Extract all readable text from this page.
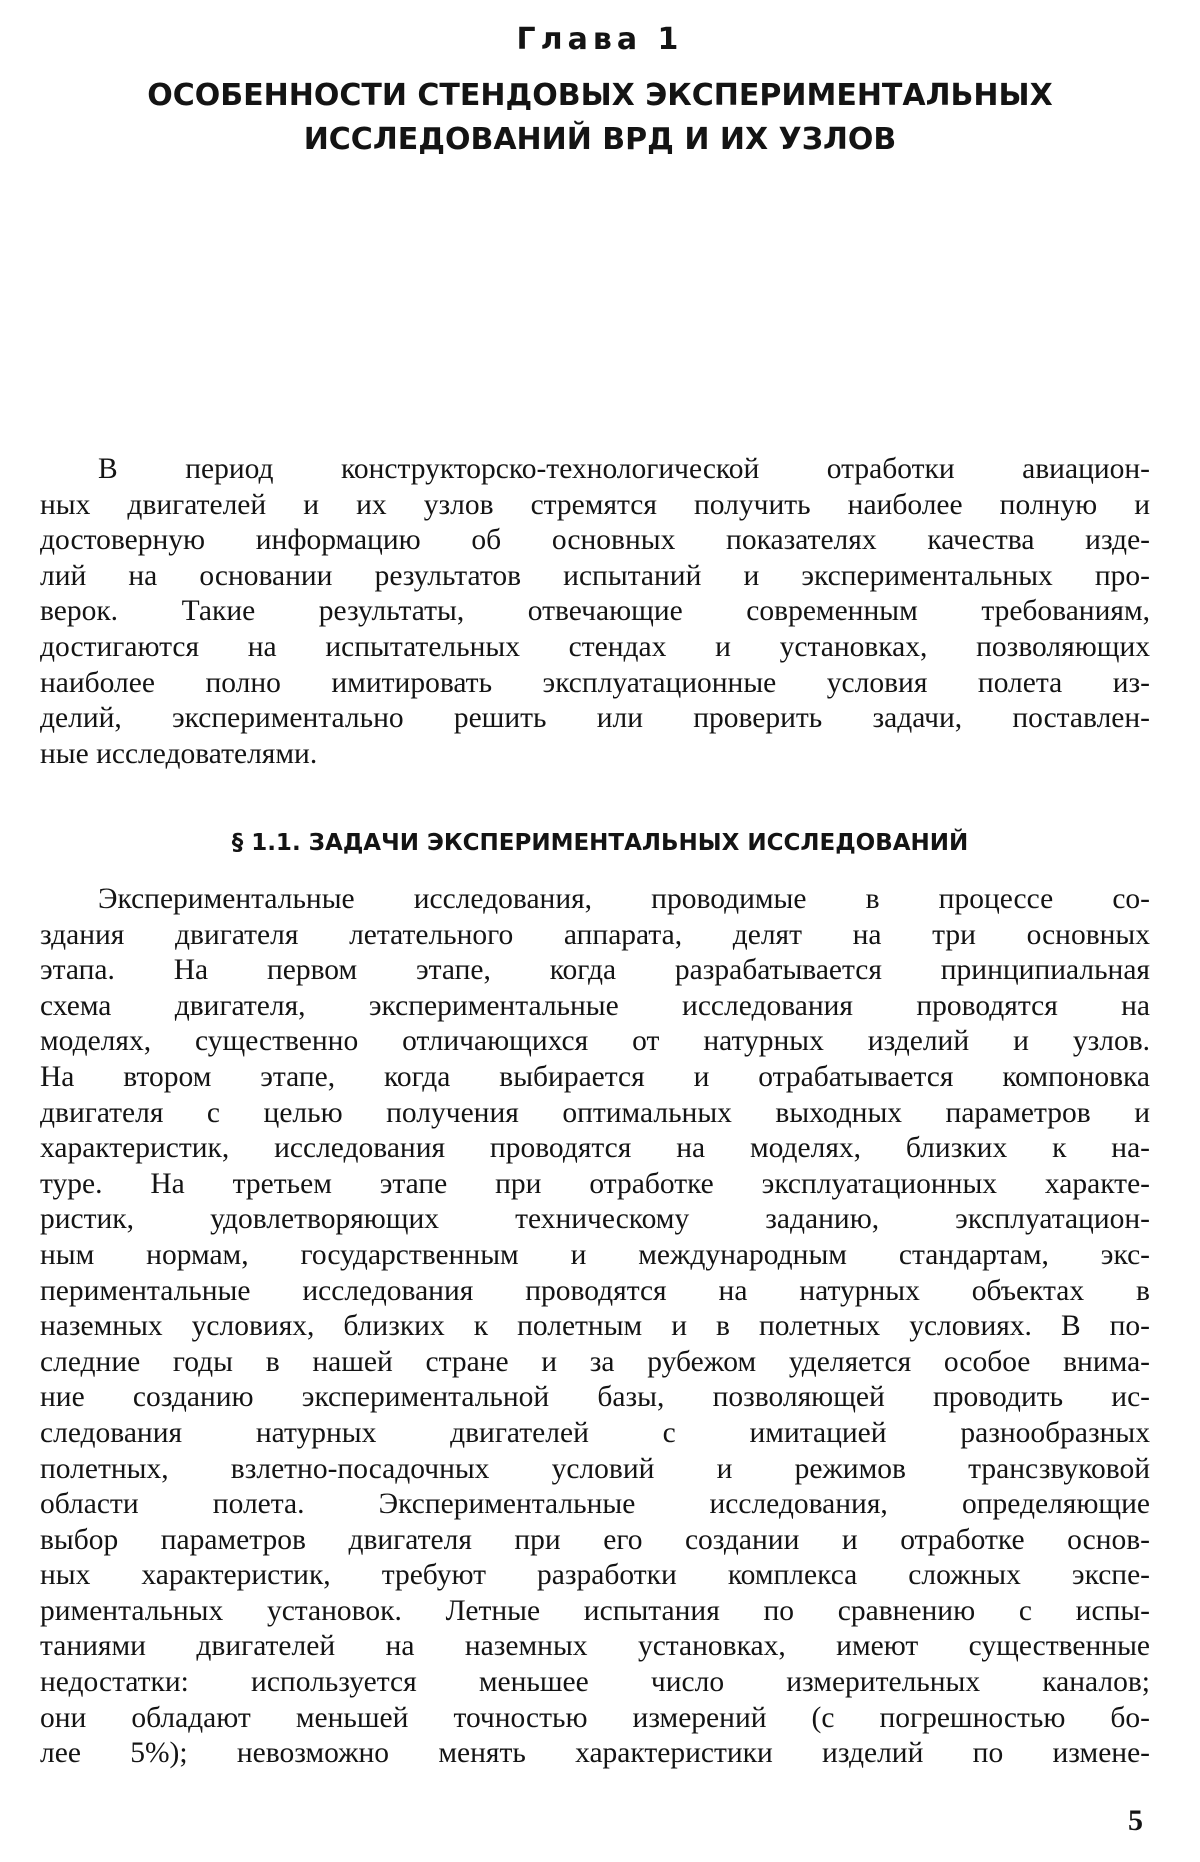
Глава 1
ОСОБЕННОСТИ СТЕНДОВЫХ ЭКСПЕРИМЕНТАЛЬНЫХ
ИССЛЕДОВАНИЙ ВРД И ИХ УЗЛОВ
В период конструкторско-технологической отработки авиацион-
ных двигателей и их узлов стремятся получить наиболее полную и
достоверную информацию об основных показателях качества изде-
лий на основании результатов испытаний и экспериментальных про-
верок. Такие результаты, отвечающие современным требованиям,
достигаются на испытательных стендах и установках, позволяющих
наиболее полно имитировать эксплуатационные условия полета из-
делий, экспериментально решить или проверить задачи, поставлен-
ные исследователями.
§ 1.1. ЗАДАЧИ ЭКСПЕРИМЕНТАЛЬНЫХ ИССЛЕДОВАНИЙ
Экспериментальные исследования, проводимые в процессе со-
здания двигателя летательного аппарата, делят на три основных
этапа. На первом этапе, когда разрабатывается принципиальная
схема двигателя, экспериментальные исследования проводятся на
моделях, существенно отличающихся от натурных изделий и узлов.
На втором этапе, когда выбирается и отрабатывается компоновка
двигателя с целью получения оптимальных выходных параметров и
характеристик, исследования проводятся на моделях, близких к на-
туре. На третьем этапе при отработке эксплуатационных характе-
ристик, удовлетворяющих техническому заданию, эксплуатацион-
ным нормам, государственным и международным стандартам, экс-
периментальные исследования проводятся на натурных объектах в
наземных условиях, близких к полетным и в полетных условиях. В по-
следние годы в нашей стране и за рубежом уделяется особое внима-
ние созданию экспериментальной базы, позволяющей проводить ис-
следования натурных двигателей с имитацией разнообразных
полетных, взлетно-посадочных условий и режимов трансзвуковой
области полета. Экспериментальные исследования, определяющие
выбор параметров двигателя при его создании и отработке основ-
ных характеристик, требуют разработки комплекса сложных экспе-
риментальных установок. Летные испытания по сравнению с испы-
таниями двигателей на наземных установках, имеют существенные
недостатки: используется меньшее число измерительных каналов;
они обладают меньшей точностью измерений (с погрешностью бо-
лее 5%); невозможно менять характеристики изделий по измене-
5
